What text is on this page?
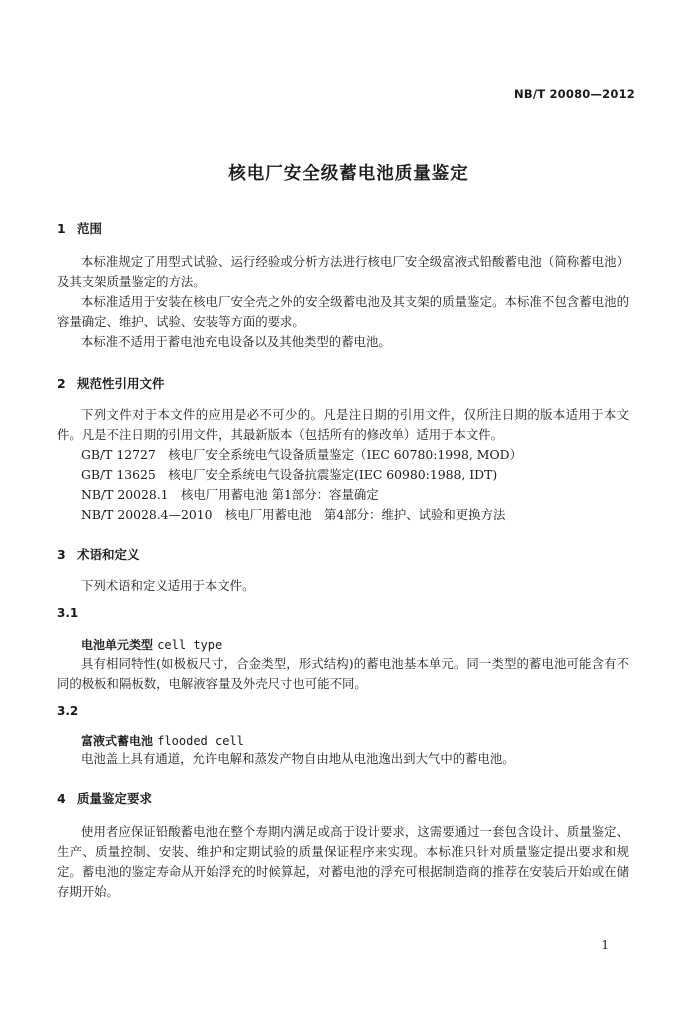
NB/T 20080—2012
核电厂安全级蓄电池质量鉴定
1 范围

本标准规定了用型式试验、运行经验或分析方法进行核电厂安全级富液式铅酸蓄电池（简称蓄电池）及其支架质量鉴定的方法。

本标准适用于安装在核电厂安全壳之外的安全级蓄电池及其支架的质量鉴定。本标准不包含蓄电池的容量确定、维护、试验、安装等方面的要求。

本标准不适用于蓄电池充电设备以及其他类型的蓄电池。

2 规范性引用文件

下列文件对于本文件的应用是必不可少的。凡是注日期的引用文件，仅所注日期的版本适用于本文件。凡是不注日期的引用文件，其最新版本（包括所有的修改单）适用于本文件。

GB/T 12727　核电厂安全系统电气设备质量鉴定（IEC 60780:1998, MOD）
GB/T 13625　核电厂安全系统电气设备抗震鉴定(IEC 60980:1988, IDT)
NB/T 20028.1　核电厂用蓄电池 第1部分：容量确定
NB/T 20028.4—2010　核电厂用蓄电池　第4部分：维护、试验和更换方法
3 术语和定义

下列术语和定义适用于本文件。

3.1
电池单元类型 cell type

具有相同特性(如极板尺寸，合金类型，形式结构)的蓄电池基本单元。同一类型的蓄电池可能含有不同的极板和隔板数，电解液容量及外壳尺寸也可能不同。

3.2
富液式蓄电池 flooded cell

电池盖上具有通道，允许电解和蒸发产物自由地从电池逸出到大气中的蓄电池。

4 质量鉴定要求

使用者应保证铅酸蓄电池在整个寿期内满足或高于设计要求，这需要通过一套包含设计、质量鉴定、生产、质量控制、安装、维护和定期试验的质量保证程序来实现。本标准只针对质量鉴定提出要求和规定。蓄电池的鉴定寿命从开始浮充的时候算起，对蓄电池的浮充可根据制造商的推荐在安装后开始或在储存期开始。

1
